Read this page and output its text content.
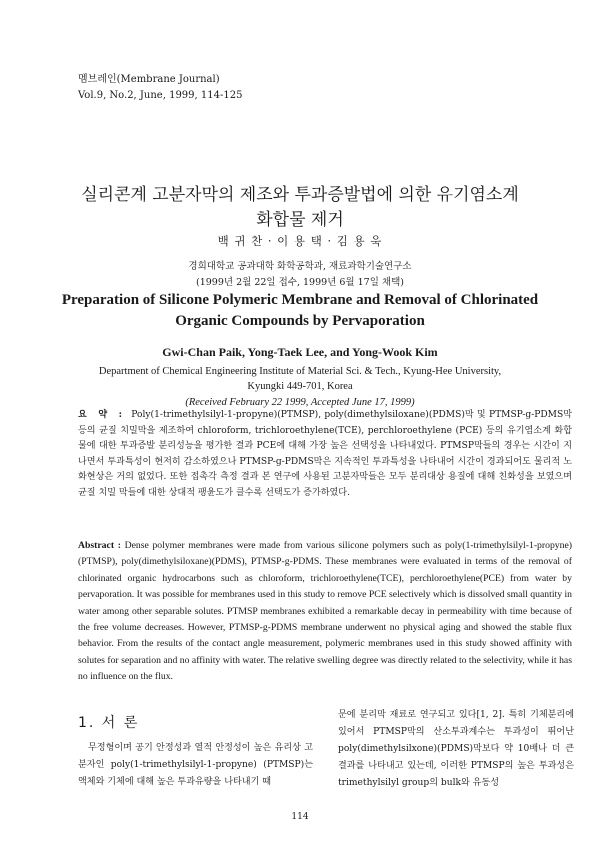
멤브레인(Membrane Journal)
Vol.9, No.2, June, 1999, 114-125
실리콘계 고분자막의 제조와 투과증발법에 의한 유기염소계
화합물 제거
백 귀 찬 · 이 용 택 · 김 용 욱
경희대학교 공과대학 화학공학과, 재료과학기술연구소
(1999년 2월 22일 접수, 1999년 6월 17일 채택)
Preparation of Silicone Polymeric Membrane and Removal of Chlorinated
Organic Compounds by Pervaporation
Gwi-Chan Paik, Yong-Taek Lee, and Yong-Wook Kim
Department of Chemical Engineering Institute of Material Sci. & Tech., Kyung-Hee University,
Kyungki 449-701, Korea
(Received February 22 1999, Accepted June 17, 1999)
요 약 : Poly(1-trimethylsilyl-1-propyne)(PTMSP), poly(dimethylsiloxane)(PDMS)막 및 PTMSP-g-PDMS막 등의 균질 치밀막을 제조하여 chloroform, trichloroethylene(TCE), perchloroethylene (PCE) 등의 유기염소계 화합물에 대한 투과증발 분리성능을 평가한 결과 PCE에 대해 가장 높은 선택성을 나타내었다. PTMSP막들의 경우는 시간이 지나면서 투과특성이 현저히 감소하였으나 PTMSP-g-PDMS막은 지속적인 투과특성을 나타내어 시간이 경과되어도 물리적 노화현상은 거의 없었다. 또한 접촉각 측정 결과 본 연구에 사용된 고분자막들은 모두 분리대상 용질에 대해 친화성을 보였으며 균질 치밀 막들에 대한 상대적 팽윤도가 클수록 선택도가 증가하였다.
Abstract : Dense polymer membranes were made from various silicone polymers such as poly(1-trimethylsilyl-1-propyne)(PTMSP), poly(dimethylsiloxane)(PDMS), PTMSP-g-PDMS. These membranes were evaluated in terms of the removal of chlorinated organic hydrocarbons such as chloroform, trichloroethylene(TCE), perchloroethylene(PCE) from water by pervaporation. It was possible for membranes used in this study to remove PCE selectively which is dissolved small quantity in water among other separable solutes. PTMSP membranes exhibited a remarkable decay in permeability with time because of the free volume decreases. However, PTMSP-g-PDMS membrane underwent no physical aging and showed the stable flux behavior. From the results of the contact angle measurement, polymeric membranes used in this study showed affinity with solutes for separation and no affinity with water. The relative swelling degree was directly related to the selectivity, while it has no influence on the flux.
1. 서 론
무정형이며 공기 안정성과 열적 안정성이 높은 유리상 고분자인 poly(1-trimethylsilyl-1-propyne) (PTMSP)는 액체와 기체에 대해 높은 투과유량을 나타내기 때
문에 분리막 재료로 연구되고 있다[1, 2]. 특히 기체분리에 있어서 PTMSP막의 산소투과계수는 투과성이 뛰어난 poly(dimethylsilxone)(PDMS)막보다 약 10배나 더 큰 결과를 나타내고 있는데, 이러한 PTMSP의 높은 투과성은 trimethylsilyl group의 bulk와 유동성
114
